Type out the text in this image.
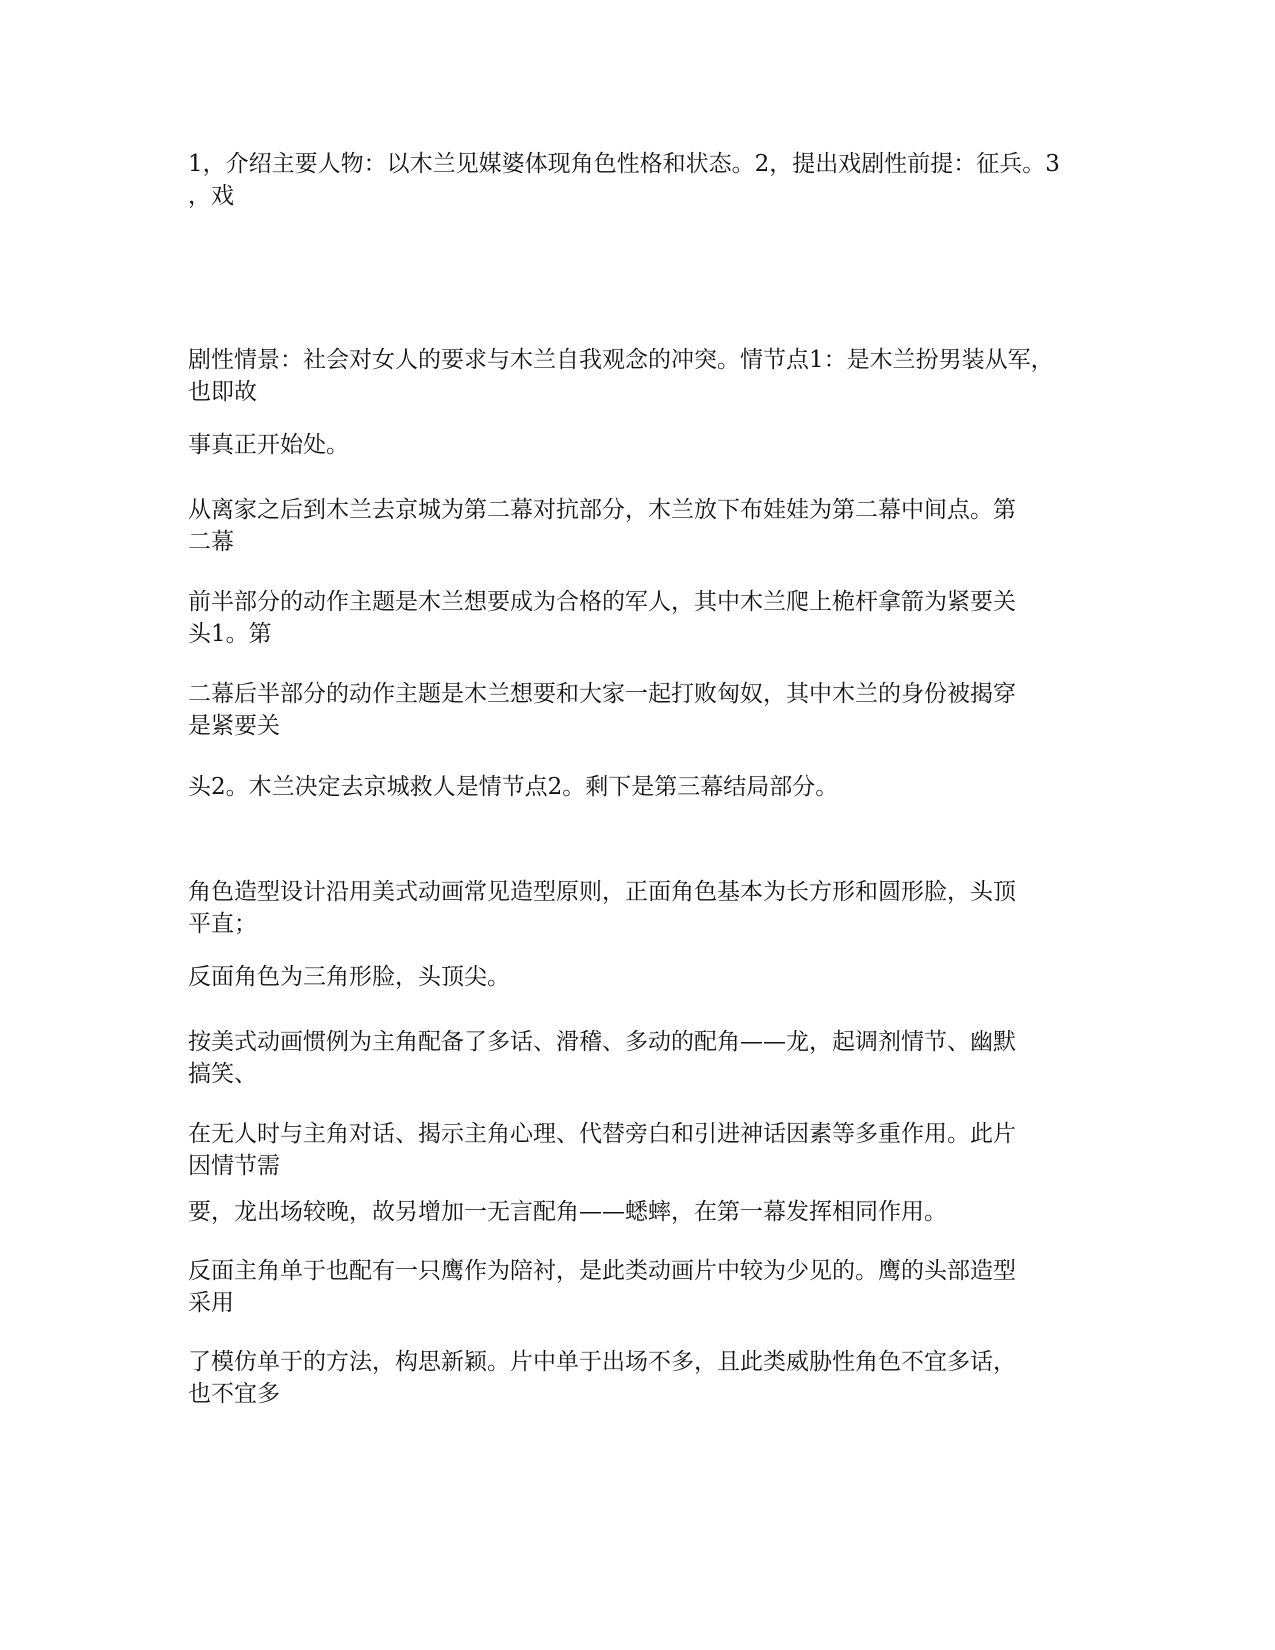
1，介绍主要人物：以木兰见媒婆体现角色性格和状态。2，提出戏剧性前提：征兵。3
，戏

剧性情景：社会对女人的要求与木兰自我观念的冲突。情节点1：是木兰扮男装从军，
也即故

事真正开始处。

从离家之后到木兰去京城为第二幕对抗部分，木兰放下布娃娃为第二幕中间点。第
二幕

前半部分的动作主题是木兰想要成为合格的军人，其中木兰爬上桅杆拿箭为紧要关
头1。第

二幕后半部分的动作主题是木兰想要和大家一起打败匈奴，其中木兰的身份被揭穿
是紧要关

头2。木兰决定去京城救人是情节点2。剩下是第三幕结局部分。

角色造型设计沿用美式动画常见造型原则，正面角色基本为长方形和圆形脸，头顶
平直；

反面角色为三角形脸，头顶尖。

按美式动画惯例为主角配备了多话、滑稽、多动的配角——龙，起调剂情节、幽默
搞笑、

在无人时与主角对话、揭示主角心理、代替旁白和引进神话因素等多重作用。此片
因情节需

要，龙出场较晚，故另增加一无言配角——蟋蟀，在第一幕发挥相同作用。

反面主角单于也配有一只鹰作为陪衬，是此类动画片中较为少见的。鹰的头部造型
采用

了模仿单于的方法，构思新颖。片中单于出场不多，且此类威胁性角色不宜多话，
也不宜多
